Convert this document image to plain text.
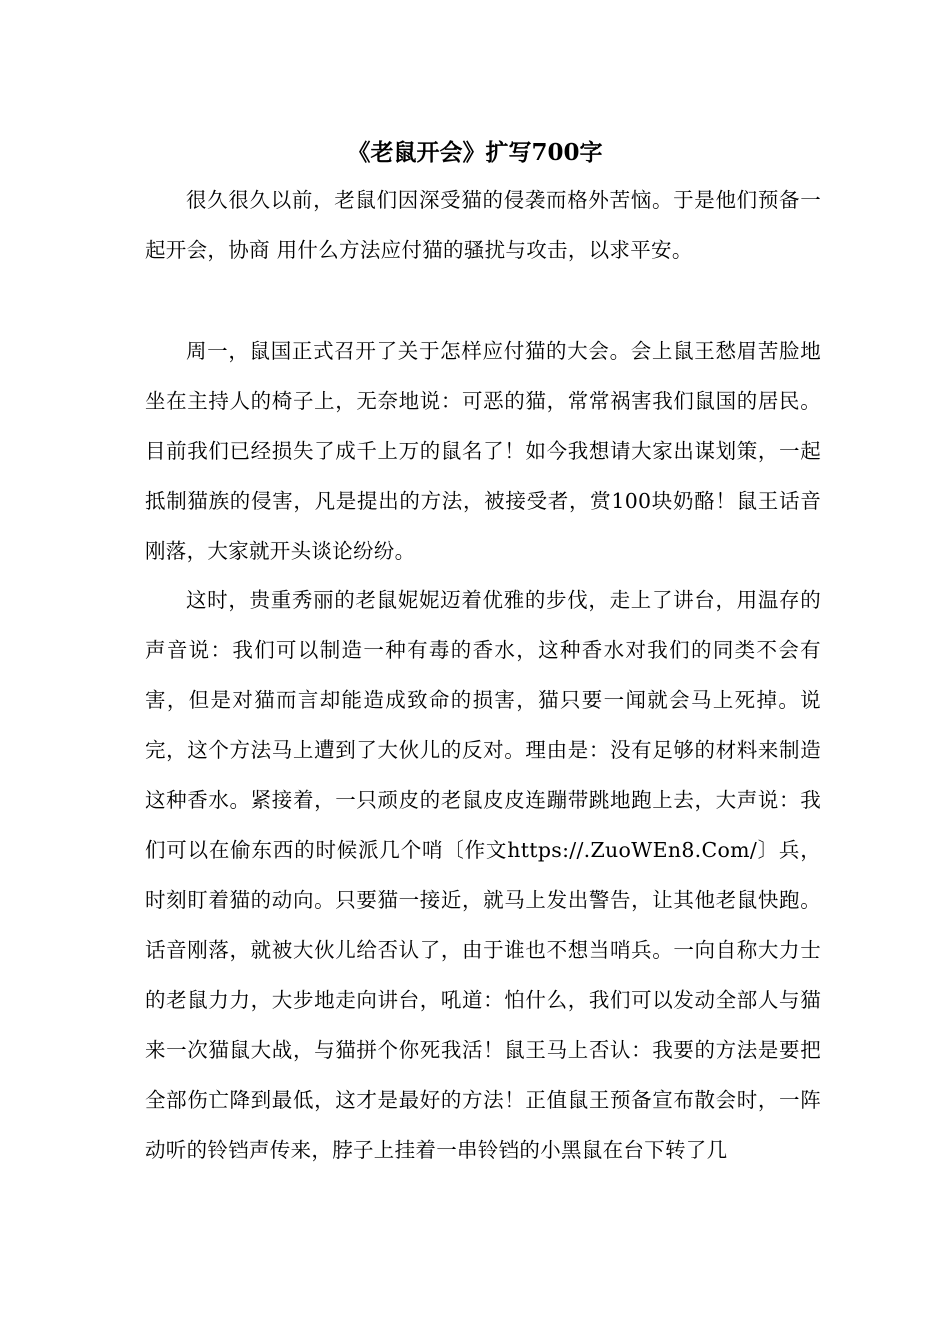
《老鼠开会》扩写700字

很久很久以前，老鼠们因深受猫的侵袭而格外苦恼。于是他们预备一起开会，协商 用什么方法应付猫的骚扰与攻击，以求平安。

周一，鼠国正式召开了关于怎样应付猫的大会。会上鼠王愁眉苦脸地坐在主持人的椅子上，无奈地说：可恶的猫，常常祸害我们鼠国的居民。目前我们已经损失了成千上万的鼠名了！如今我想请大家出谋划策，一起抵制猫族的侵害，凡是提出的方法，被接受者，赏100块奶酪！鼠王话音刚落，大家就开头谈论纷纷。

这时，贵重秀丽的老鼠妮妮迈着优雅的步伐，走上了讲台，用温存的声音说：我们可以制造一种有毒的香水，这种香水对我们的同类不会有害，但是对猫而言却能造成致命的损害，猫只要一闻就会马上死掉。说完，这个方法马上遭到了大伙儿的反对。理由是：没有足够的材料来制造这种香水。紧接着，一只顽皮的老鼠皮皮连蹦带跳地跑上去，大声说：我们可以在偷东西的时候派几个哨〔作文https://.ZuoWEn8.Com/〕兵，时刻盯着猫的动向。只要猫一接近，就马上发出警告，让其他老鼠快跑。话音刚落，就被大伙儿给否认了，由于谁也不想当哨兵。一向自称大力士的老鼠力力，大步地走向讲台，吼道：怕什么，我们可以发动全部人与猫来一次猫鼠大战，与猫拼个你死我活！鼠王马上否认：我要的方法是要把全部伤亡降到最低，这才是最好的方法！正值鼠王预备宣布散会时，一阵动听的铃铛声传来，脖子上挂着一串铃铛的小黑鼠在台下转了几
